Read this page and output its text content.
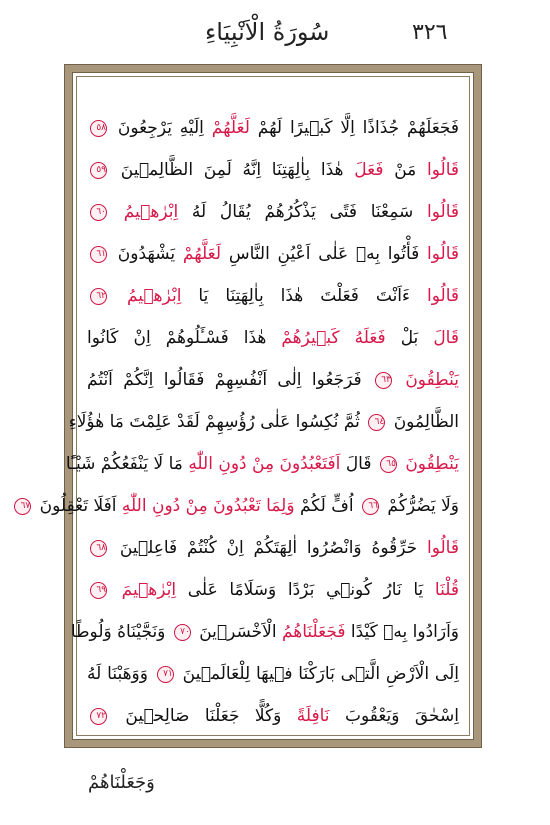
٣٢٦
سُورَةُ الْاَنْبِيَاءِ
فَجَعَلَهُمْ جُذَاذًا اِلَّا كَبٖيرًا لَهُمْ لَعَلَّهُمْ اِلَيْهِ يَرْجِعُونَ ٥٨
قَالُوا مَنْ فَعَلَ هٰذَا بِاٰلِهَتِنَا اِنَّهُ لَمِنَ الظَّالِمٖينَ ٥٩
قَالُوا سَمِعْنَا فَتًى يَذْكُرُهُمْ يُقَالُ لَهُ اِبْرٰهٖيمُ ٦٠
قَالُوا فَأْتُوا بِهٖ عَلٰى اَعْيُنِ النَّاسِ لَعَلَّهُمْ يَشْهَدُونَ ٦١
قَالُوا ءَاَنْتَ فَعَلْتَ هٰذَا بِاٰلِهَتِنَا يَا اِبْرٰهٖيمُ ٦٢
قَالَ بَلْ فَعَلَهُ كَبٖيرُهُمْ هٰذَا فَسْـَٔلُوهُمْ اِنْ كَانُوا
يَنْطِقُونَ ٦٣ فَرَجَعُوا اِلٰى اَنْفُسِهِمْ فَقَالُوا اِنَّكُمْ اَنْتُمُ
الظَّالِمُونَ ٦٤ ثُمَّ نُكِسُوا عَلٰى رُؤُسِهِمْ لَقَدْ عَلِمْتَ مَا هٰؤُلَاءِ
يَنْطِقُونَ ٦٥ قَالَ اَفَتَعْبُدُونَ مِنْ دُونِ اللّٰهِ مَا لَا يَنْفَعُكُمْ شَيْـًٔا
وَلَا يَضُرُّكُمْ ٦٦ اُفٍّ لَكُمْ وَلِمَا تَعْبُدُونَ مِنْ دُونِ اللّٰهِ اَفَلَا تَعْقِلُونَ ٦٧
قَالُوا حَرِّقُوهُ وَانْصُرُوا اٰلِهَتَكُمْ اِنْ كُنْتُمْ فَاعِلٖينَ ٦٨
قُلْنَا يَا نَارُ كُونٖي بَرْدًا وَسَلَامًا عَلٰى اِبْرٰهٖيمَ ٦٩
وَاَرَادُوا بِهٖ كَيْدًا فَجَعَلْنَاهُمُ الْاَخْسَرٖينَ ٧٠ وَنَجَّيْنَاهُ وَلُوطًا
اِلَى الْاَرْضِ الَّتٖى بَارَكْنَا فٖيهَا لِلْعَالَمٖينَ ٧١ وَوَهَبْنَا لَهُ
اِسْحٰقَ وَيَعْقُوبَ نَافِلَةً وَكُلًّا جَعَلْنَا صَالِحٖينَ ٧٢
وَجَعَلْنَاهُمْ
